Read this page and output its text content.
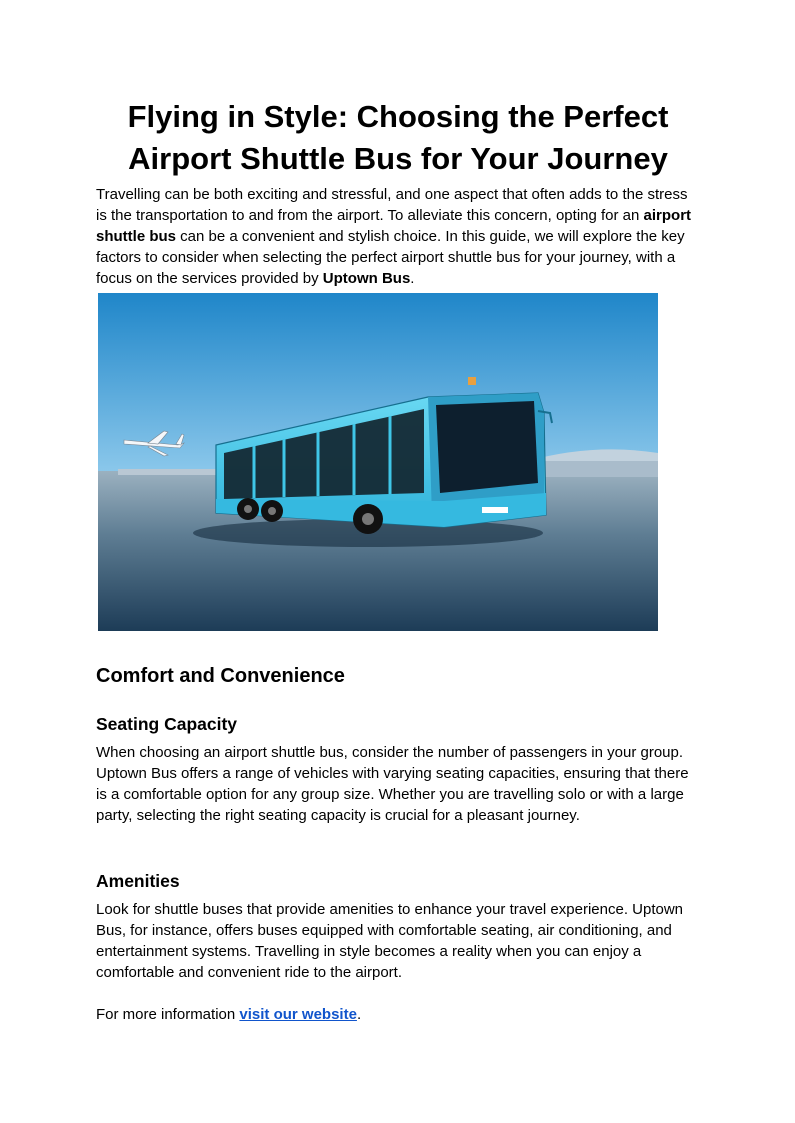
Flying in Style: Choosing the Perfect Airport Shuttle Bus for Your Journey

Travelling can be both exciting and stressful, and one aspect that often adds to the stress is the transportation to and from the airport. To alleviate this concern, opting for an airport shuttle bus can be a convenient and stylish choice. In this guide, we will explore the key factors to consider when selecting the perfect airport shuttle bus for your journey, with a focus on the services provided by Uptown Bus.

Comfort and Convenience
Seating Capacity

When choosing an airport shuttle bus, consider the number of passengers in your group. Uptown Bus offers a range of vehicles with varying seating capacities, ensuring that there is a comfortable option for any group size. Whether you are travelling solo or with a large party, selecting the right seating capacity is crucial for a pleasant journey.

Amenities

Look for shuttle buses that provide amenities to enhance your travel experience. Uptown Bus, for instance, offers buses equipped with comfortable seating, air conditioning, and entertainment systems. Travelling in style becomes a reality when you can enjoy a comfortable and convenient ride to the airport.

For more information visit our website.
